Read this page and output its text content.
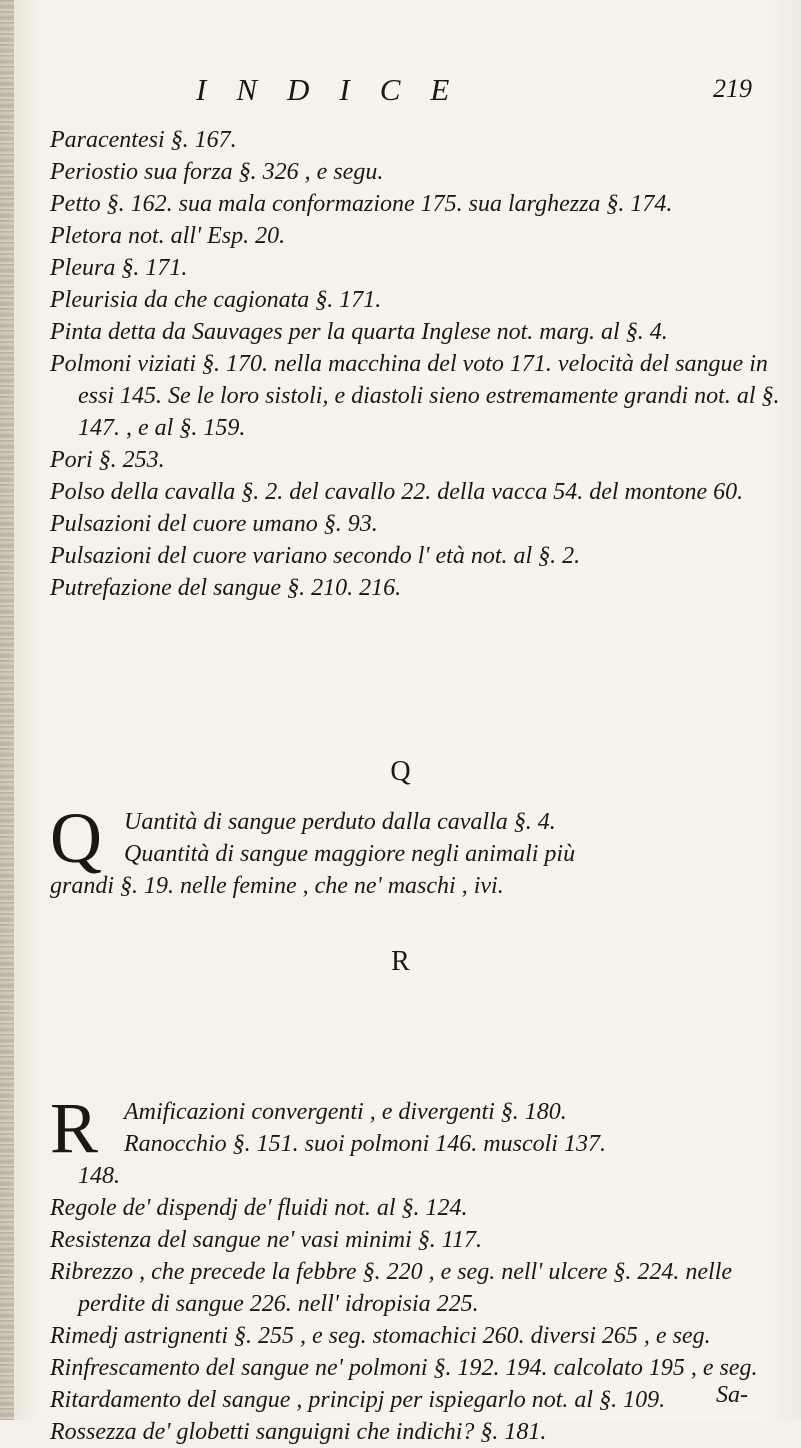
INDICE	219

Paracentesi §. 167.

Periostio sua forza §. 326 , e segu.

Petto §. 162. sua mala conformazione 175. sua larghezza §. 174.

Pletora not. all' Esp. 20.

Pleura §. 171.

Pleurisia da che cagionata §. 171.

Pinta detta da Sauvages per la quarta Inglese not. marg. al §. 4.

Polmoni viziati §. 170. nella macchina del voto 171. velocità del sangue in essi 145. Se le loro sistoli, e diastoli sieno estremamente grandi not. al §. 147. , e al §. 159.

Pori §. 253.

Polso della cavalla §. 2. del cavallo 22. della vacca 54. del montone 60.

Pulsazioni del cuore umano §. 93.

Pulsazioni del cuore variano secondo l' età not. al §. 2.

Putrefazione del sangue §. 210. 216.

Q
Q Uantità di sangue perduto dalla cavalla §. 4.
Quantità di sangue maggiore negli animali più
grandi §. 19. nelle femine , che ne' maschi , ivi.
R
R	Amificazioni convergenti , e divergenti §. 180.
Ranocchio §. 151. suoi polmoni 146. muscoli 137.
148.

Regole de' dispendj de' fluidi not. al §. 124.

Resistenza del sangue ne' vasi minimi §. 117.

Ribrezzo , che precede la febbre §. 220 , e seg. nell' ulcere §. 224. nelle perdite di sangue 226. nell' idropisia 225.

Rimedj astrignenti §. 255 , e seg. stomachici 260. diversi 265 , e seg.

Rinfrescamento del sangue ne' polmoni §. 192. 194. calcolato 195 , e seg.

Ritardamento del sangue , principj per ispiegarlo not. al §. 109.

Rossezza de' globetti sanguigni che indichi? §. 181.

Sa-
